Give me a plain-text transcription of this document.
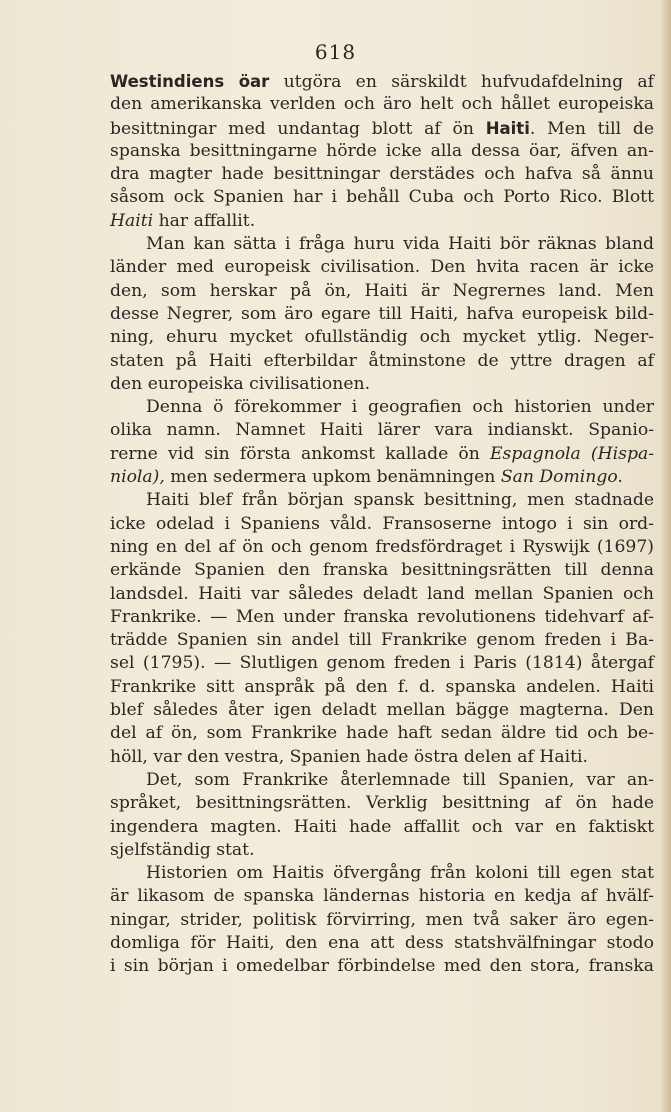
618
Westindiens öar utgöra en särskildt hufvudafdelning af
den amerikanska verlden och äro helt och hållet europeiska
besittningar med undantag blott af ön Haiti. Men till de
spanska besittningarne hörde icke alla dessa öar, äfven an-
dra magter hade besittningar derstädes och hafva så ännu
såsom ock Spanien har i behåll Cuba och Porto Rico. Blott
Haiti har affallit.
Man kan sätta i fråga huru vida Haiti bör räknas bland
länder med europeisk civilisation. Den hvita racen är icke
den, som herskar på ön, Haiti är Negrernes land. Men
desse Negrer, som äro egare till Haiti, hafva europeisk bild-
ning, ehuru mycket ofullständig och mycket ytlig. Neger-
staten på Haiti efterbildar åtminstone de yttre dragen af
den europeiska civilisationen.
Denna ö förekommer i geografien och historien under
olika namn. Namnet Haiti lärer vara indianskt. Spanio-
rerne vid sin första ankomst kallade ön Espagnola (Hispa-
niola), men sedermera upkom benämningen San Domingo.
Haiti blef från början spansk besittning, men stadnade
icke odelad i Spaniens våld. Fransoserne intogo i sin ord-
ning en del af ön och genom fredsfördraget i Ryswijk (1697)
erkände Spanien den franska besittningsrätten till denna
landsdel. Haiti var således deladt land mellan Spanien och
Frankrike. — Men under franska revolutionens tidehvarf af-
trädde Spanien sin andel till Frankrike genom freden i Ba-
sel (1795). — Slutligen genom freden i Paris (1814) återgaf
Frankrike sitt anspråk på den f. d. spanska andelen. Haiti
blef således åter igen deladt mellan bägge magterna. Den
del af ön, som Frankrike hade haft sedan äldre tid och be-
höll, var den vestra, Spanien hade östra delen af Haiti.
Det, som Frankrike återlemnade till Spanien, var an-
språket, besittningsrätten. Verklig besittning af ön hade
ingendera magten. Haiti hade affallit och var en faktiskt
sjelfständig stat.
Historien om Haitis öfvergång från koloni till egen stat
är likasom de spanska ländernas historia en kedja af hvälf-
ningar, strider, politisk förvirring, men två saker äro egen-
domliga för Haiti, den ena att dess statshvälfningar stodo
i sin början i omedelbar förbindelse med den stora, franska
